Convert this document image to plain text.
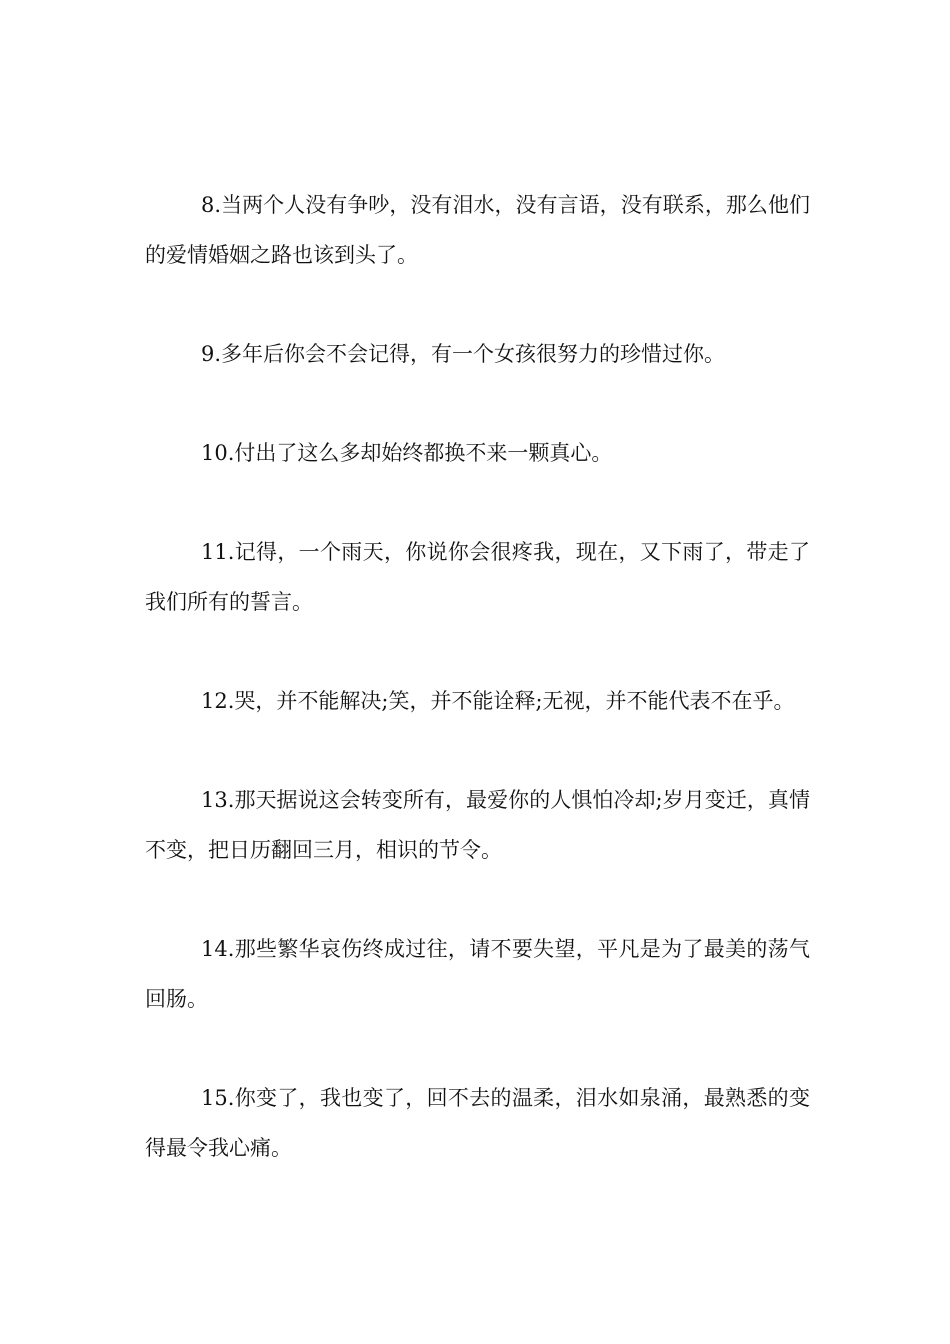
8.当两个人没有争吵，没有泪水，没有言语，没有联系，那么他们的爱情婚姻之路也该到头了。

9.多年后你会不会记得，有一个女孩很努力的珍惜过你。

10.付出了这么多却始终都换不来一颗真心。

11.记得，一个雨天，你说你会很疼我，现在，又下雨了，带走了我们所有的誓言。

12.哭，并不能解决;笑，并不能诠释;无视，并不能代表不在乎。

13.那天据说这会转变所有，最爱你的人惧怕冷却;岁月变迁，真情不变，把日历翻回三月，相识的节令。

14.那些繁华哀伤终成过往，请不要失望，平凡是为了最美的荡气回肠。

15.你变了，我也变了，回不去的温柔，泪水如泉涌，最熟悉的变得最令我心痛。
